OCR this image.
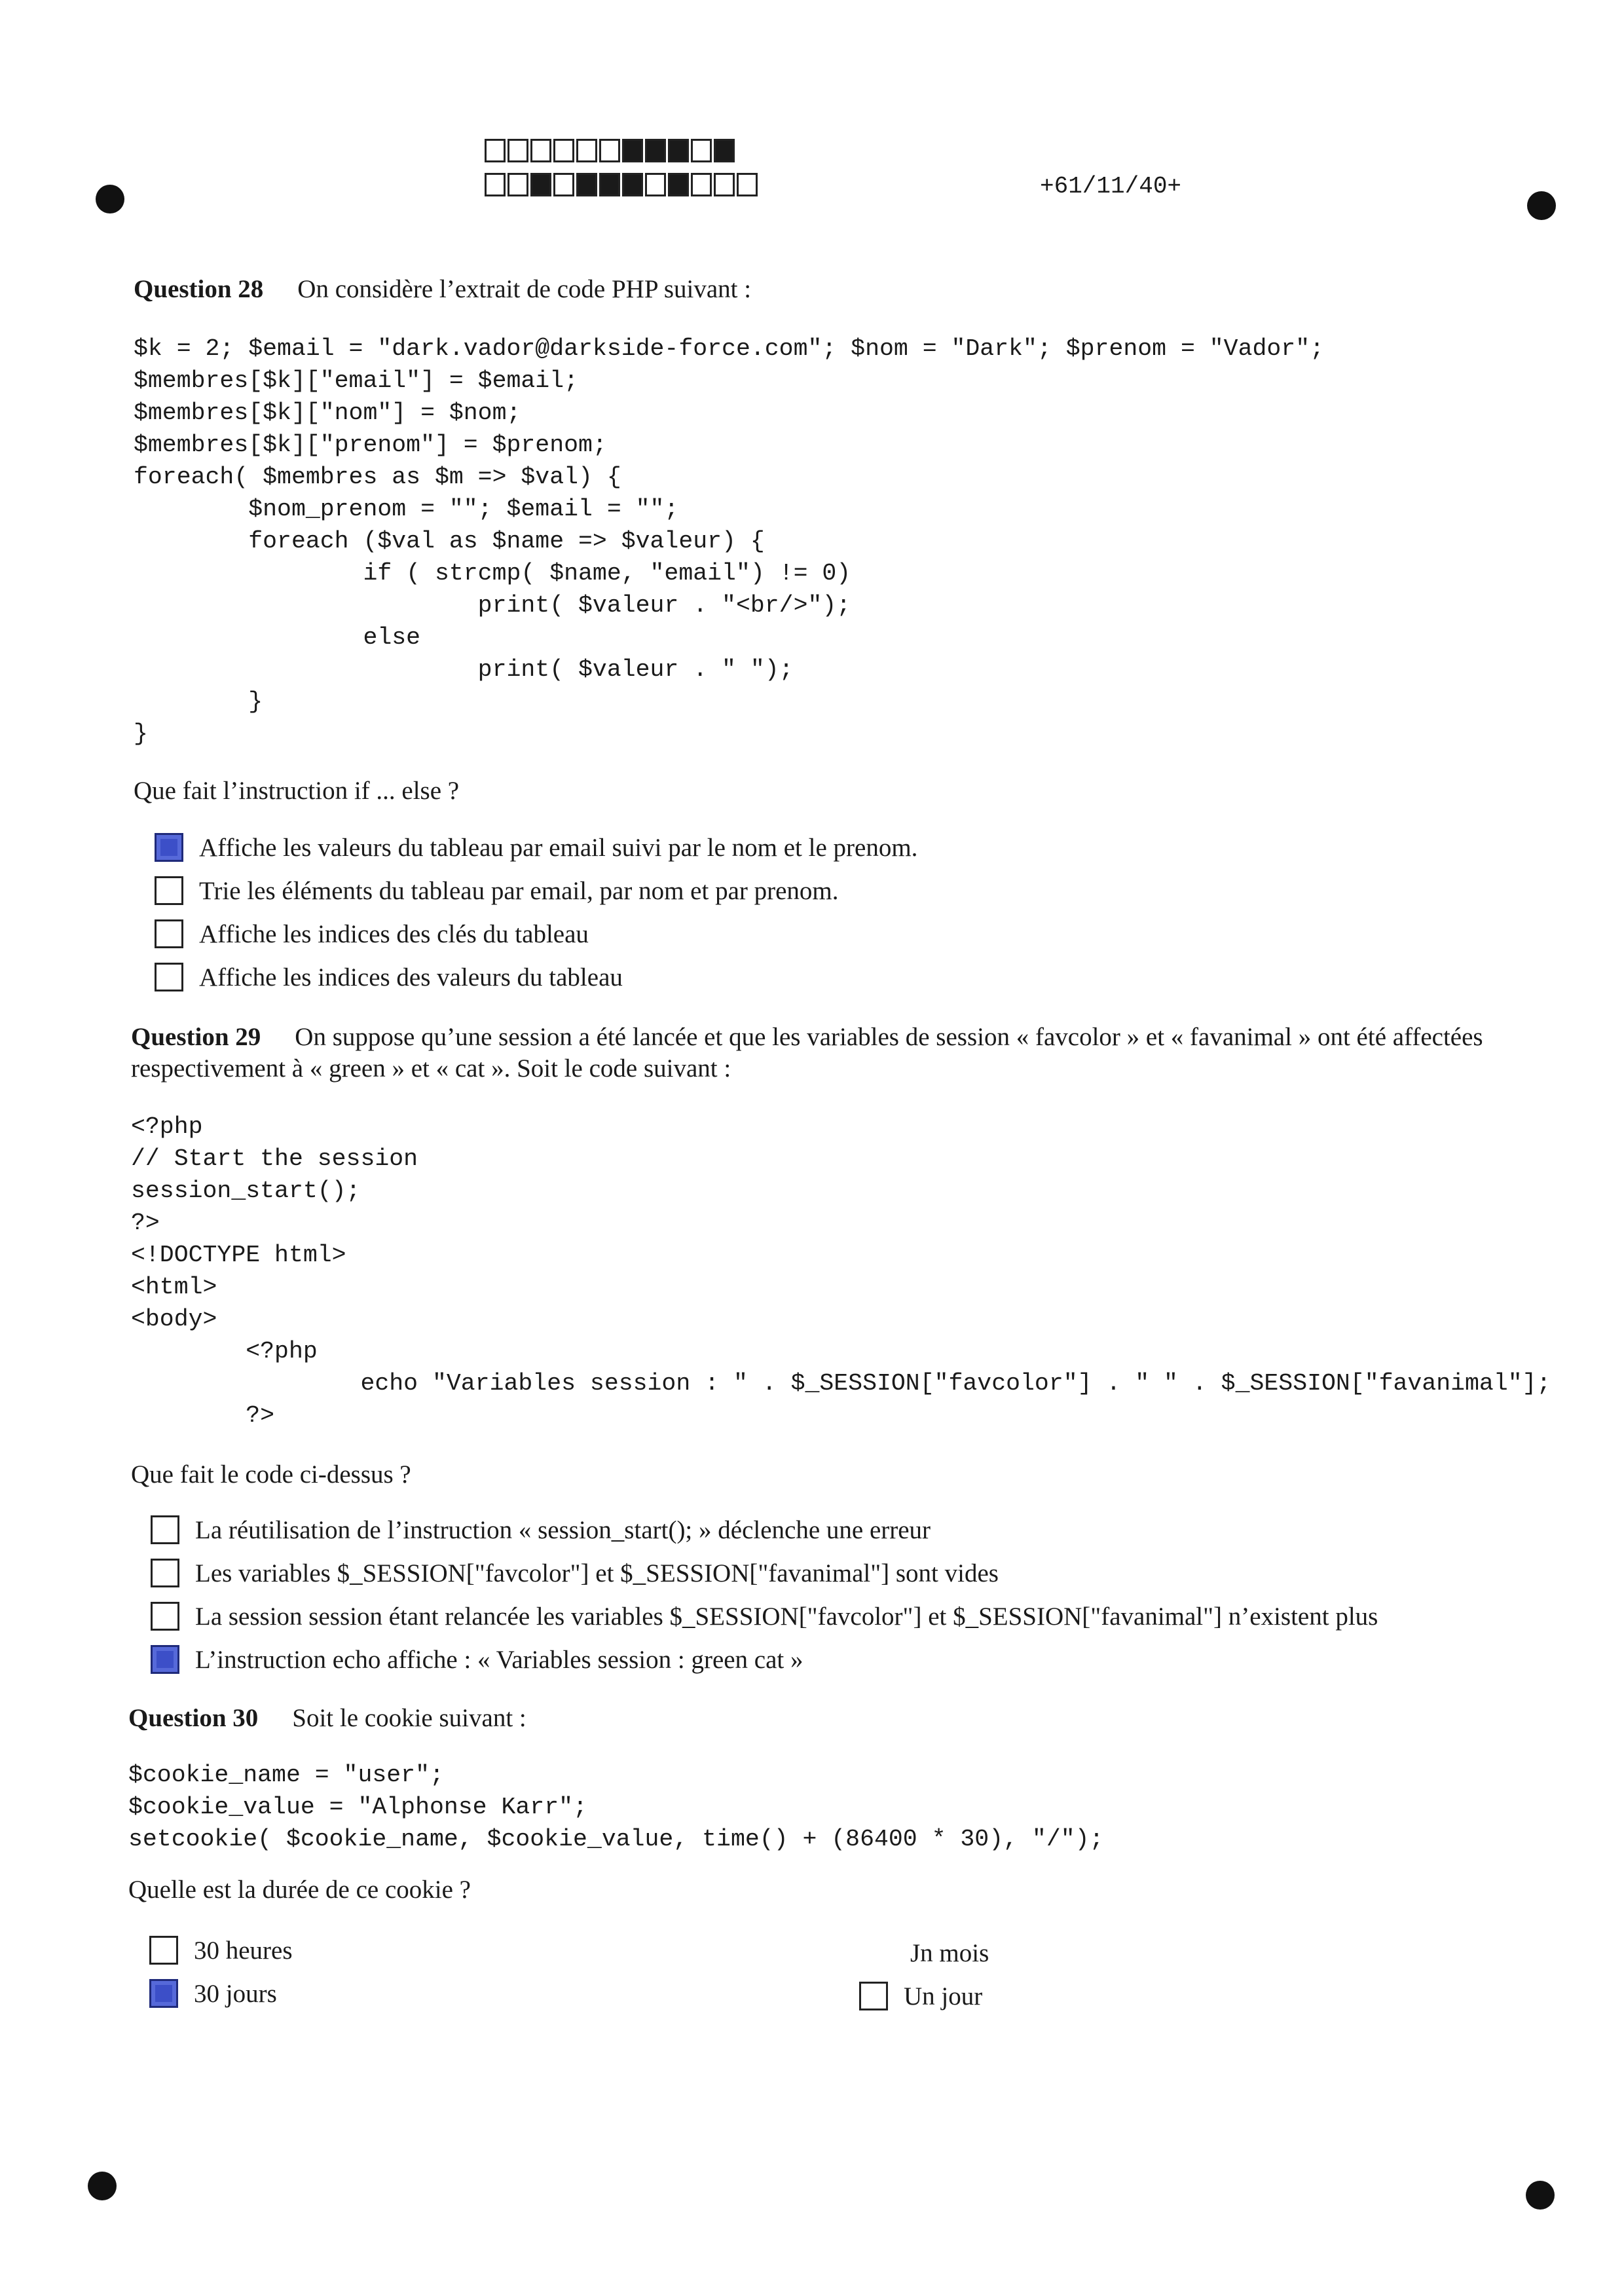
+61/11/40+
Question 28 On considère l’extrait de code PHP suivant :
$k = 2; $email = "dark.vador@darkside-force.com"; $nom = "Dark"; $prenom = "Vador";
$membres[$k]["email"] = $email;
$membres[$k]["nom"] = $nom;
$membres[$k]["prenom"] = $prenom;
foreach( $membres as $m => $val) {
$nom_prenom = ""; $email = "";
foreach ($val as $name => $valeur) {
if ( strcmp( $name, "email") != 0)
print( $valeur . "<br/>");
else
print( $valeur . " ");
}
}
Que fait l’instruction if ... else ?
Affiche les valeurs du tableau par email suivi par le nom et le prenom.
Trie les éléments du tableau par email, par nom et par prenom.
Affiche les indices des clés du tableau
Affiche les indices des valeurs du tableau
Question 29 On suppose qu’une session a été lancée et que les variables de session « favcolor » et « favanimal » ont été affectées respectivement à « green » et « cat ». Soit le code suivant :
<?php
// Start the session
session_start();
?>
<!DOCTYPE html>
<html>
<body>
<?php
echo "Variables session : " . $_SESSION["favcolor"] . " " . $_SESSION["favanimal"];
?>
Que fait le code ci-dessus ?
La réutilisation de l’instruction « session_start(); » déclenche une erreur
Les variables $_SESSION["favcolor"] et $_SESSION["favanimal"] sont vides
La session session étant relancée les variables $_SESSION["favcolor"] et $_SESSION["favanimal"] n’existent plus
L’instruction echo affiche : « Variables session : green cat »
Question 30 Soit le cookie suivant :
$cookie_name = "user";
$cookie_value = "Alphonse Karr";
setcookie( $cookie_name, $cookie_value, time() + (86400 * 30), "/");
Quelle est la durée de ce cookie ?
30 heures
30 jours
Jn mois
Un jour
